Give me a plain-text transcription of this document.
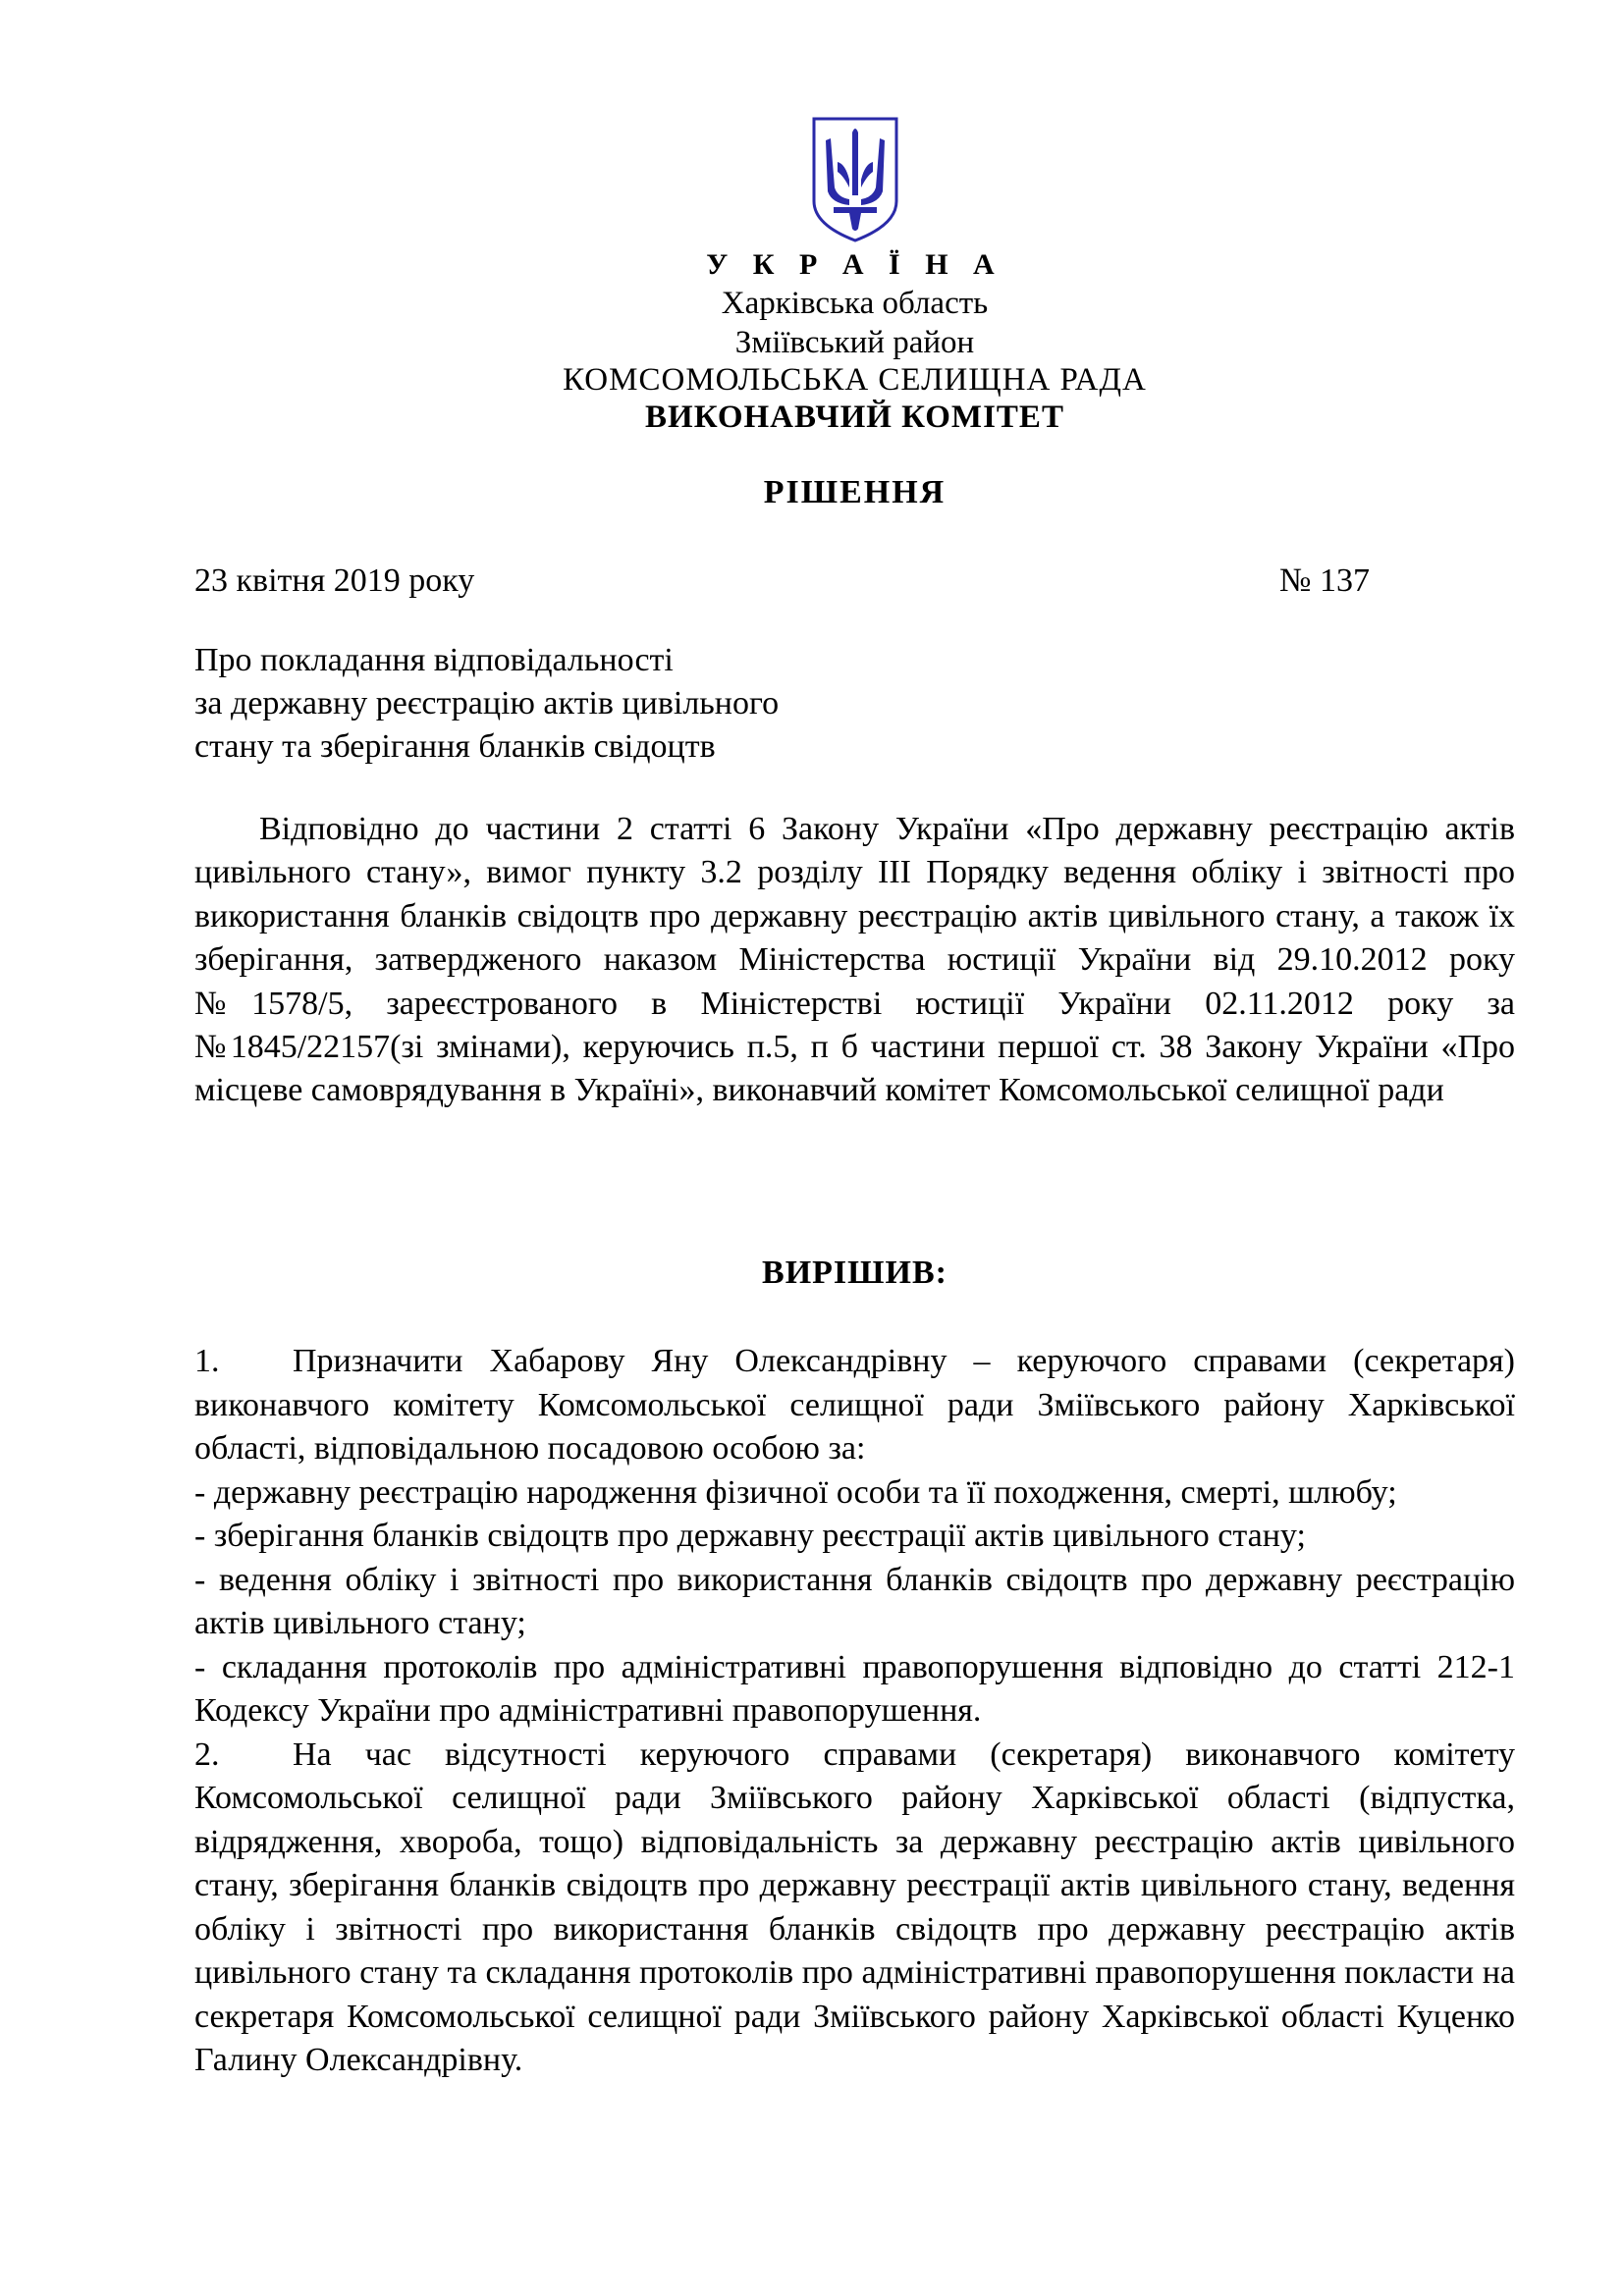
У К Р А Ї Н А
Харківська область
Зміївський район
КОМСОМОЛЬСЬКА СЕЛИЩНА РАДА
ВИКОНАВЧИЙ КОМІТЕТ
РІШЕННЯ
23 квітня 2019 року	№ 137
Про покладання відповідальності
за державну реєстрацію актів цивільного
стану та зберігання бланків свідоцтв
Відповідно до частини 2 статті 6 Закону України «Про державну реєстрацію актів цивільного стану», вимог пункту 3.2 розділу ІІІ Порядку ведення обліку і звітності про використання бланків свідоцтв про державну реєстрацію актів цивільного стану, а також їх зберігання, затвердженого наказом Міністерства юстиції України від 29.10.2012 року №1578/5, зареєстрованого в Міністерстві юстиції України 02.11.2012 року за №1845/22157(зі змінами), керуючись п.5, п б частини першої ст. 38 Закону України «Про місцеве самоврядування в Україні», виконавчий комітет Комсомольської селищної ради
ВИРІШИВ:

1. Призначити Хабарову Яну Олександрівну – керуючого справами (секретаря) виконавчого комітету Комсомольської селищної ради Зміївського району Харківської області, відповідальною посадовою особою за:

- державну реєстрацію народження фізичної особи та її походження, смерті, шлюбу;

- зберігання бланків свідоцтв про державну реєстрації актів цивільного стану;

- ведення обліку і звітності про використання бланків свідоцтв про державну реєстрацію актів цивільного стану;

- складання протоколів про адміністративні правопорушення відповідно до статті 212-1 Кодексу України про адміністративні правопорушення.

2. На час відсутності керуючого справами (секретаря) виконавчого комітету Комсомольської селищної ради Зміївського району Харківської області (відпустка, відрядження, хвороба, тощо) відповідальність за державну реєстрацію актів цивільного стану, зберігання бланків свідоцтв про державну реєстрації актів цивільного стану, ведення обліку і звітності про використання бланків свідоцтв про державну реєстрацію актів цивільного стану та складання протоколів про адміністративні правопорушення покласти на секретаря Комсомольської селищної ради Зміївського району Харківської області Куценко Галину Олександрівну.
